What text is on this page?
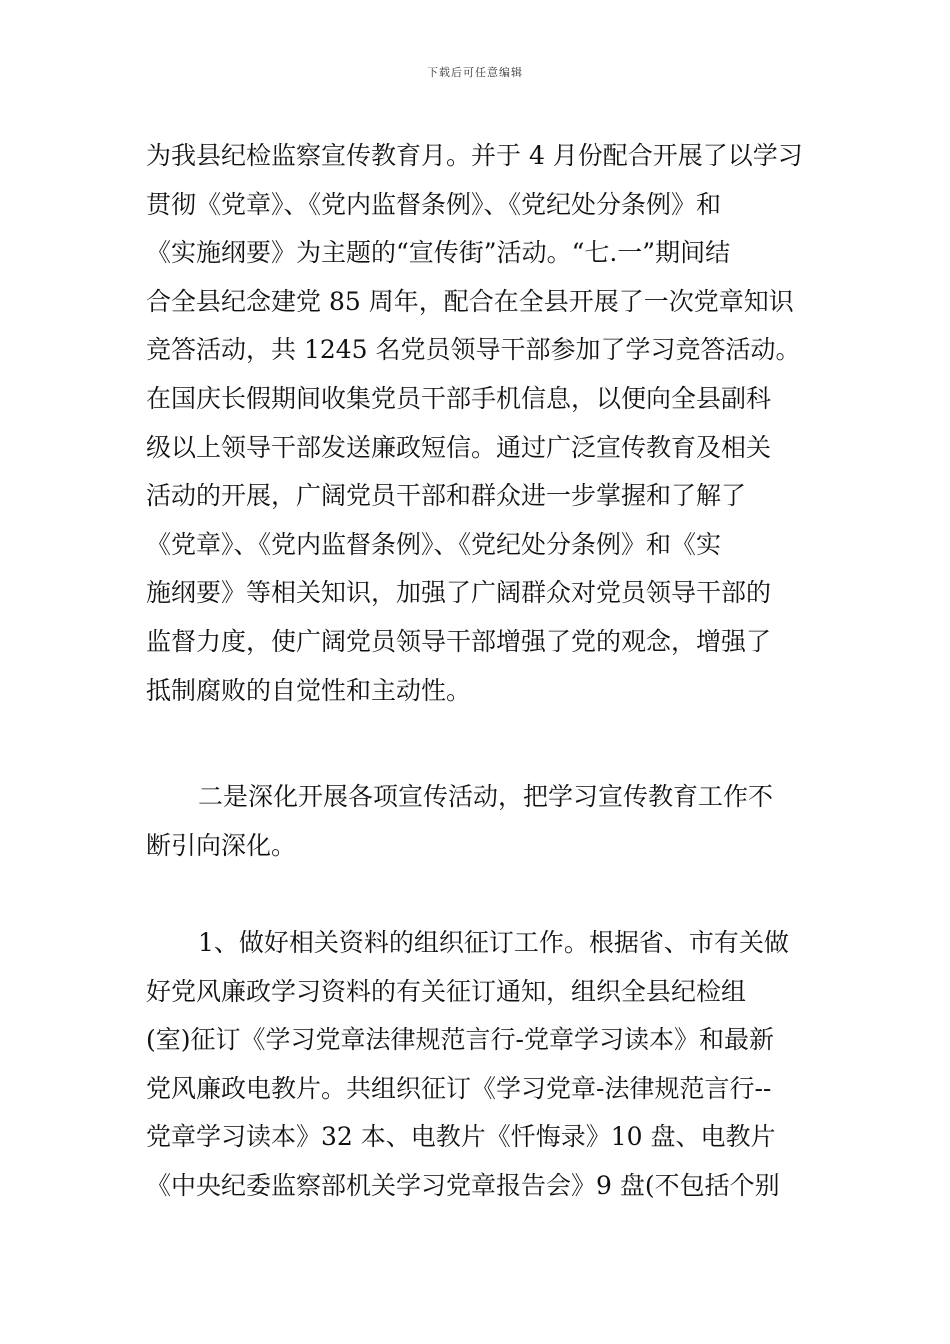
下载后可任意编辑
为我县纪检监察宣传教育月。并于 4 月份配合开展了以学习
贯彻《党章》、《党内监督条例》、《党纪处分条例》和
《实施纲要》为主题的“宣传街”活动。“七.一”期间结
合全县纪念建党 85 周年，配合在全县开展了一次党章知识
竞答活动，共 1245 名党员领导干部参加了学习竞答活动。
在国庆长假期间收集党员干部手机信息，以便向全县副科
级以上领导干部发送廉政短信。通过广泛宣传教育及相关
活动的开展，广阔党员干部和群众进一步掌握和了解了
《党章》、《党内监督条例》、《党纪处分条例》和《实
施纲要》等相关知识，加强了广阔群众对党员领导干部的
监督力度，使广阔党员领导干部增强了党的观念，增强了
抵制腐败的自觉性和主动性。
二是深化开展各项宣传活动，把学习宣传教育工作不
断引向深化。
1、做好相关资料的组织征订工作。根据省、市有关做
好党风廉政学习资料的有关征订通知，组织全县纪检组
(室)征订《学习党章法律规范言行-党章学习读本》和最新
党风廉政电教片。共组织征订《学习党章-法律规范言行--
党章学习读本》32 本、电教片《忏悔录》10 盘、电教片
《中央纪委监察部机关学习党章报告会》9 盘(不包括个别
